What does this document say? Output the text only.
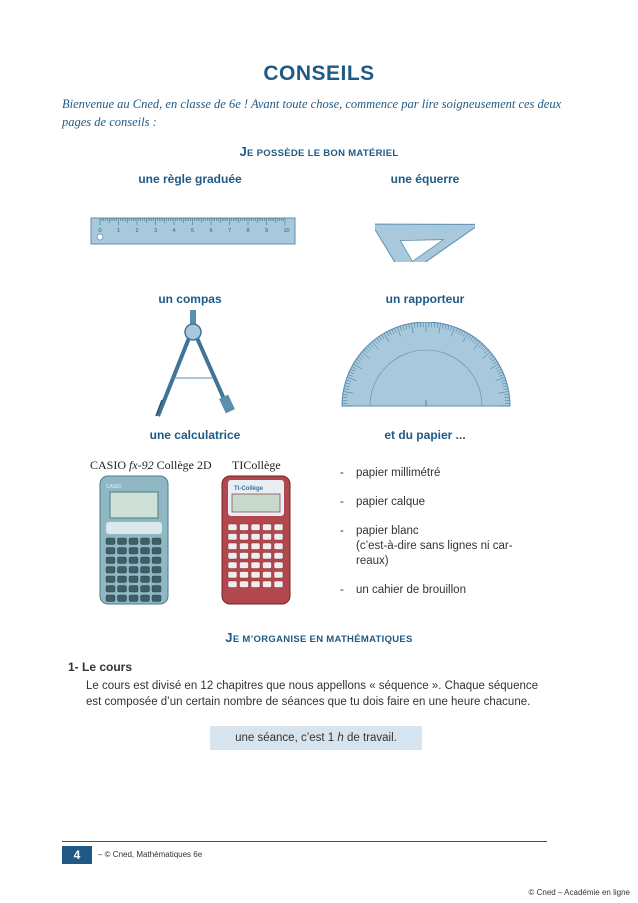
CONSEILS
Bienvenue au Cned, en classe de 6e ! Avant toute chose, commence par lire soigneusement ces deux pages de conseils :
JE POSSÈDE LE BON MATÉRIEL
une règle graduée	une équerre
0	1	2	3	4	5	6	7	8	9	10
un compas	un rapporteur
une calculatrice	et du papier ...
CASIO fx-92 Collège 2D TICollège
CASIO	TI-Collège
-	papier millimétré
-	papier calque
-	papier blanc
(c’est-à-dire sans lignes ni car-
reaux)
-	un cahier de brouillon
JE M’ORGANISE EN MATHÉMATIQUES
1- Le cours
Le cours est divisé en 12 chapitres que nous appellons « séquence ». Chaque séquence est composée d’un certain nombre de séances que tu dois faire en une heure chacune.
une séance, c’est 1 h de travail.
4	– © Cned, Mathématiques 6e
© Cned – Académie en ligne
